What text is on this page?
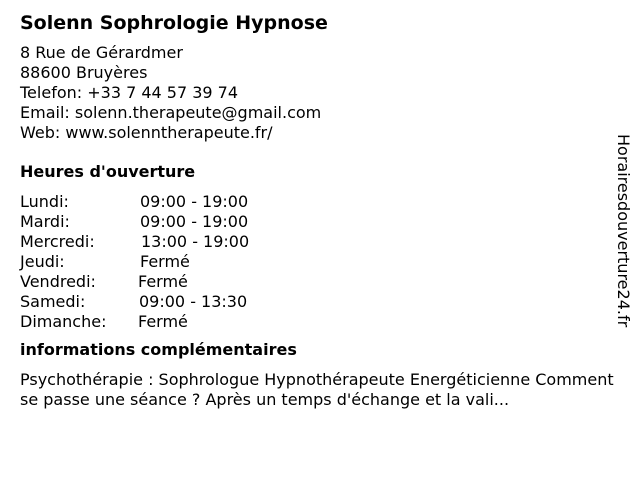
Solenn Sophrologie Hypnose
8 Rue de Gérardmer
88600 Bruyères
Telefon: +33 7 44 57 39 74
Email: solenn.therapeute@gmail.com
Web: www.solenntherapeute.fr/
Heures d'ouverture
Lundi:	09:00 - 19:00
Mardi:	09:00 - 19:00
Mercredi:	13:00 - 19:00
Jeudi:	Fermé
Vendredi:	Fermé
Samedi:	09:00 - 13:30
Dimanche:	Fermé
informations complémentaires
Psychothérapie : Sophrologue Hypnothérapeute Energéticienne Comment se passe une séance ? Après un temps d'échange et la vali...
Horairesdouverture24.fr
